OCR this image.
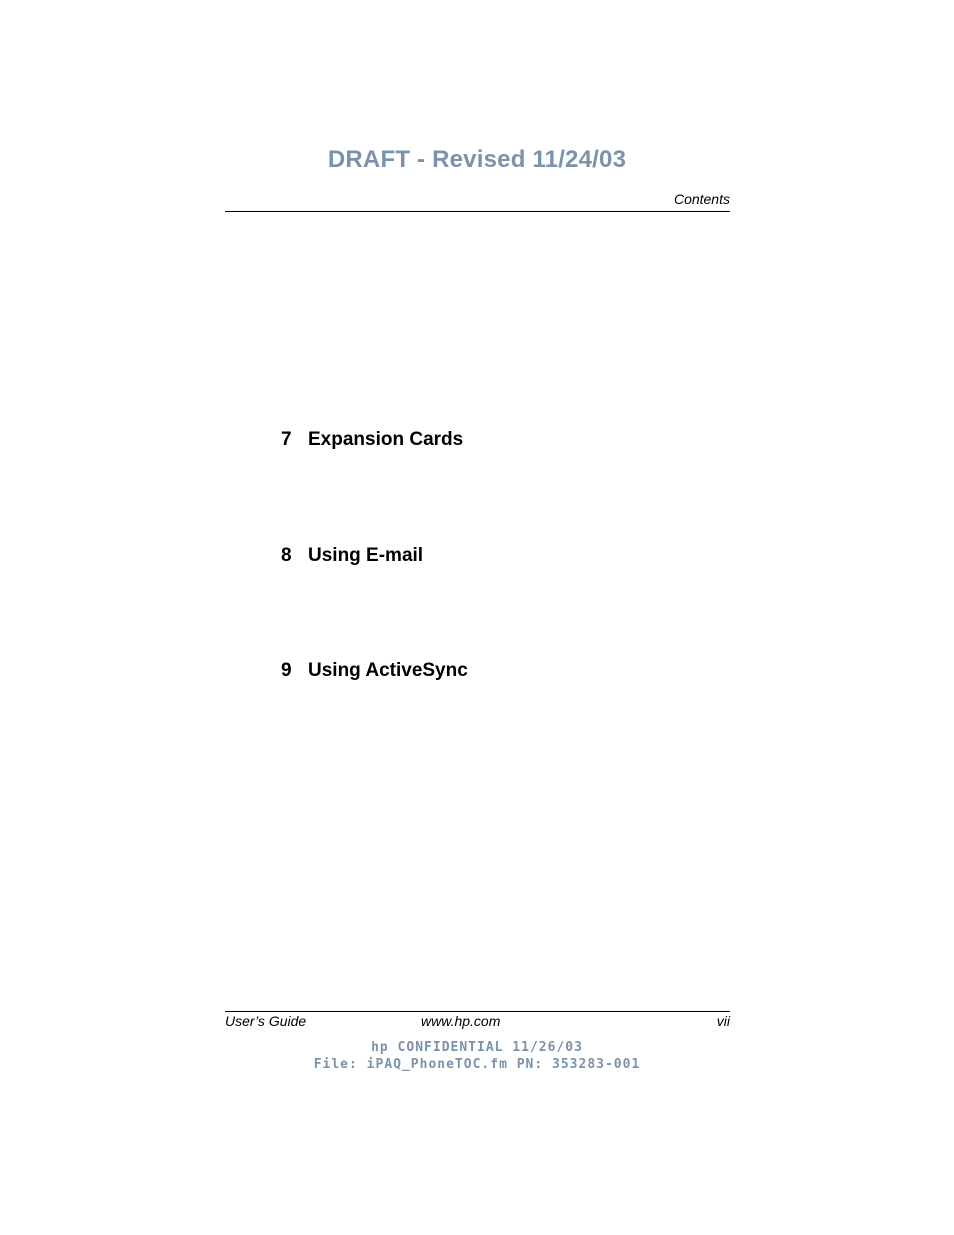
DRAFT - Revised 11/24/03
Contents
7 Expansion Cards
8 Using E-mail
9 Using ActiveSync
User’s Guide	www.hp.com	vii
hp CONFIDENTIAL 11/26/03
File: iPAQ_PhoneTOC.fm PN: 353283-001
